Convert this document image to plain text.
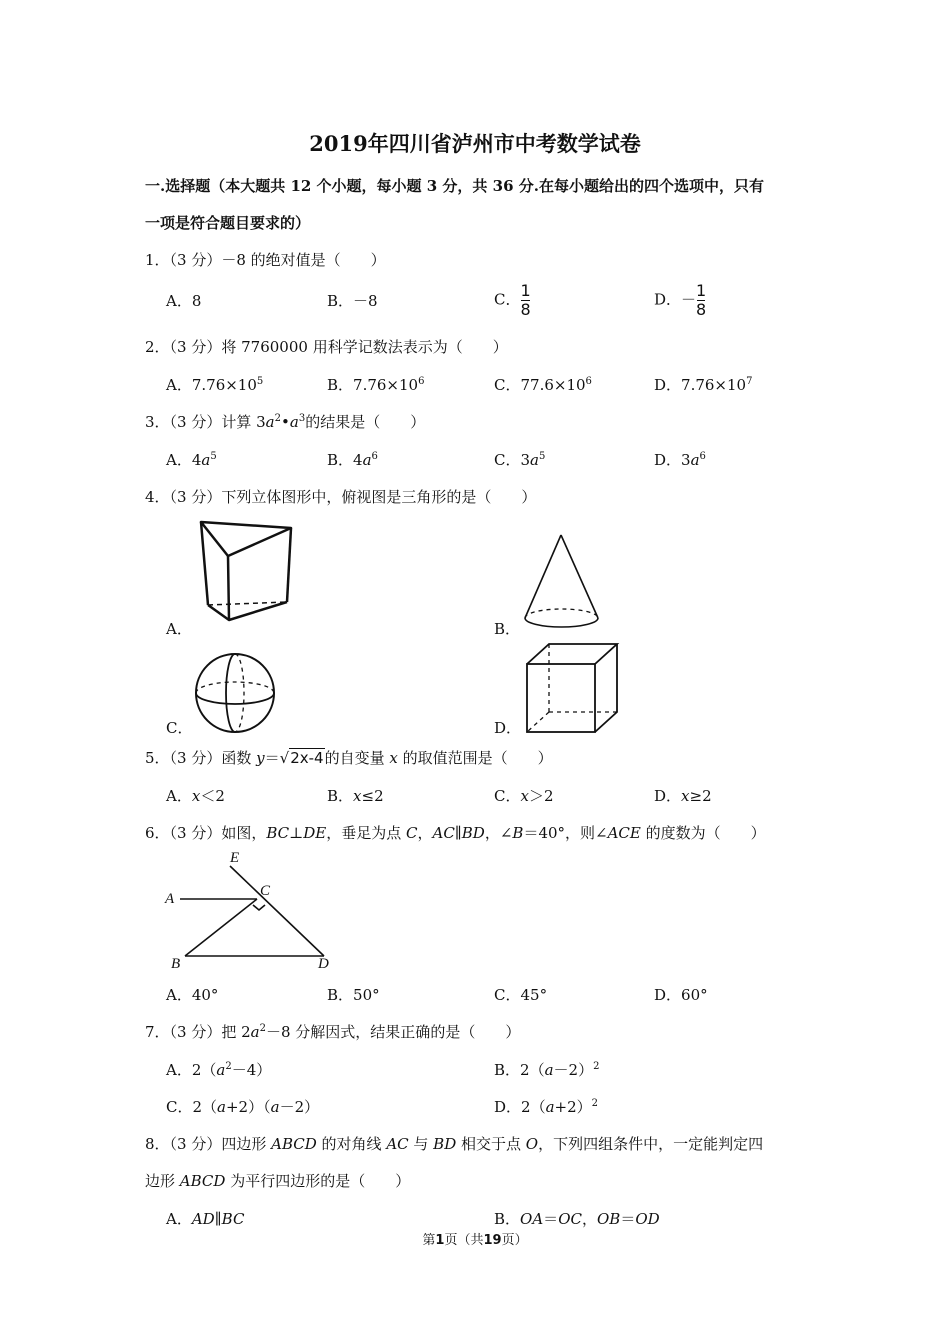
2019年四川省泸州市中考数学试卷
一.选择题（本大题共 12 个小题，每小题 3 分，共 36 分.在每小题给出的四个选项中，只有
一项是符合题目要求的）
1．（3 分）－8 的绝对值是（　　）
A．8	B．－8	C． $\frac{1}{8}$	D．－ $\frac{1}{8}$
2．（3 分）将 7760000 用科学记数法表示为（　　）
A．$7.76\times 10^5$	B．$7.76\times 10^6$	C．$77.6\times 10^6$	D．$7.76\times 10^7$
3．（3 分）计算 $3a^2•a^3$的结果是（　　）
A．$4a^5$	B．$4a^6$	C．$3a^5$	D．$3a^6$
4．（3 分）下列立体图形中，俯视图是三角形的是（　　）
A．	B．
C．	D．
5．（3 分）函数 y＝√2x-4的自变量 x 的取值范围是（　　）
A．x＜2	B．x≤2	C．x＞2	D．x≥2
6．（3 分）如图，BC⊥DE，垂足为点 C，AC∥BD，∠B＝40°，则∠ACE 的度数为（　　）
E
A	C
B	D
A．40°	B．50°	C．45°	D．60°
7．（3 分）把 $2a^2-8$ 分解因式，结果正确的是（　　）
A．$2(a^2-4)$	B．$2(a-2)^2$
C．2（a+2）（a－2）	D．$2(a+2)^2$
8．（3 分）四边形 ABCD 的对角线 AC 与 BD 相交于点 O，下列四组条件中，一定能判定四
边形 ABCD 为平行四边形的是（　　）
A．AD∥BC	B．OA＝OC，OB＝OD
第1页（共19页）
